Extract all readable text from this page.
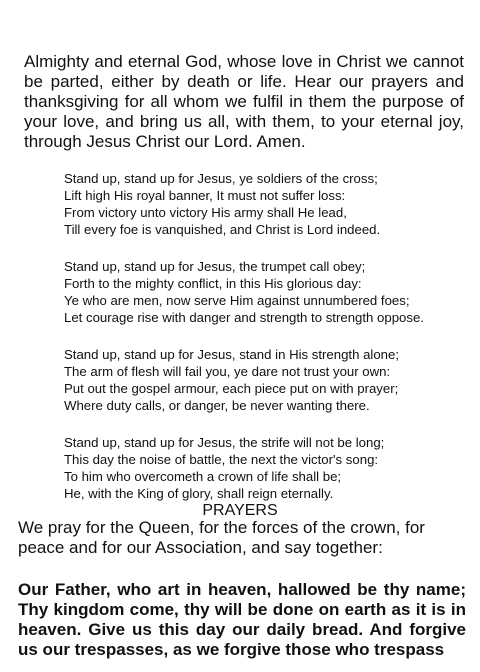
Almighty and eternal God, whose love in Christ we cannot be parted, either by death or life. Hear our prayers and thanksgiving for all whom we fulfil in them the purpose of your love, and bring us all, with them, to your eternal joy, through Jesus Christ our Lord. Amen.

Stand up, stand up for Jesus, ye soldiers of the cross;
Lift high His royal banner, It must not suffer loss:
From victory unto victory His army shall He lead,
Till every foe is vanquished, and Christ is Lord indeed.
Stand up, stand up for Jesus, the trumpet call obey;
Forth to the mighty conflict, in this His glorious day:
Ye who are men, now serve Him against unnumbered foes;
Let courage rise with danger and strength to strength oppose.
Stand up, stand up for Jesus, stand in His strength alone;
The arm of flesh will fail you, ye dare not trust your own:
Put out the gospel armour, each piece put on with prayer;
Where duty calls, or danger, be never wanting there.
Stand up, stand up for Jesus, the strife will not be long;
This day the noise of battle, the next the victor's song:
To him who overcometh a crown of life shall be;
He, with the King of glory, shall reign eternally.
PRAYERS
We pray for the Queen, for the forces of the crown, for peace and for our Association, and say together:
Our Father, who art in heaven, hallowed be thy name; Thy kingdom come, thy will be done on earth as it is in heaven. Give us this day our daily bread. And forgive us our trespasses, as we forgive those who trespass
